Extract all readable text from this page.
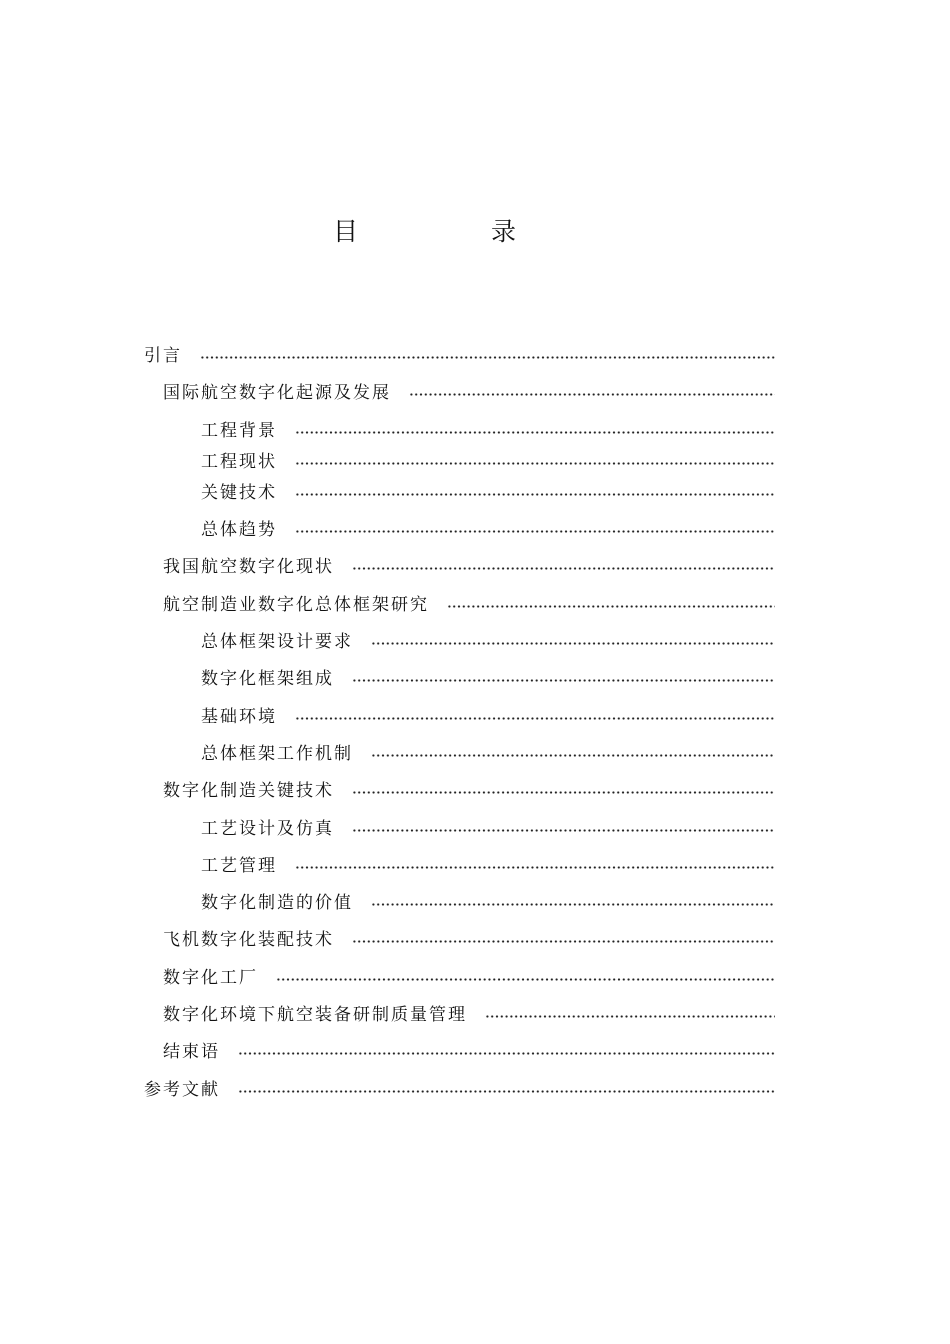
目　录
引言
国际航空数字化起源及发展
工程背景
工程现状
关键技术
总体趋势
我国航空数字化现状
航空制造业数字化总体框架研究
总体框架设计要求
数字化框架组成
基础环境
总体框架工作机制
数字化制造关键技术
工艺设计及仿真
工艺管理
数字化制造的价值
飞机数字化装配技术
数字化工厂
数字化环境下航空装备研制质量管理
结束语
参考文献
